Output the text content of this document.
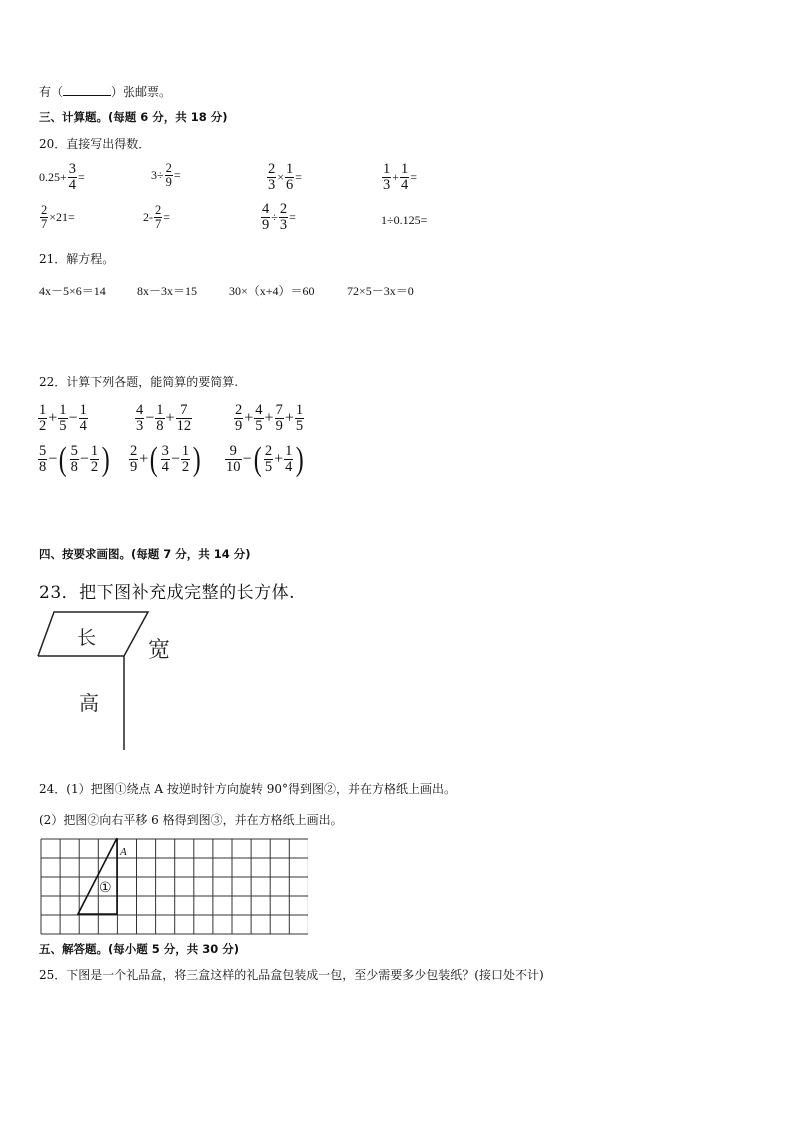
有（	）张邮票。
三、计算题。(每题 6 分，共 18 分)
20．直接写出得数．
$0.25+ \frac{3}{4}$ =	$3\div \frac{2}{9}$ =	$\frac{2}{3} \times \frac{1}{6}$ =	$\frac{1}{3} + \frac{1}{4}$ =
$\frac{2}{7} \times 21=$	$2- \frac{2}{7}$ =	$\frac{4}{9} \div \frac{2}{3}$ =	1÷0.125=
21．解方程。
4x－5×6＝14	8x－3x＝15	30×（x+4）＝60	72×5－3x＝0
22．计算下列各题，能简算的要简算.
$\frac{1}{2} + \frac{1}{5} - \frac{1}{4}$	$\frac{4}{3} - \frac{1}{8} + \frac{7}{12}$	$\frac{2}{9} + \frac{4}{5} + \frac{7}{9} + \frac{1}{5}$
$\frac{5}{8}$ −( $\frac{5}{8} - \frac{1}{2}$ ) $\frac{2}{9}$ +( $\frac{3}{4} - \frac{1}{2}$ ) $\frac{9}{10}$ −( $\frac{2}{5} + \frac{1}{4}$ )
四、按要求画图。(每题 7 分，共 14 分)
23．把下图补充成完整的长方体.
长 宽
高
24．(1）把图①绕点 A 按逆时针方向旋转 90°得到图②，并在方格纸上画出。
(2）把图②向右平移 6 格得到图③，并在方格纸上画出。
A
①
五、解答题。(每小题 5 分，共 30 分)
25．下图是一个礼品盒，将三盒这样的礼品盒包装成一包，至少需要多少包装纸？(接口处不计)
